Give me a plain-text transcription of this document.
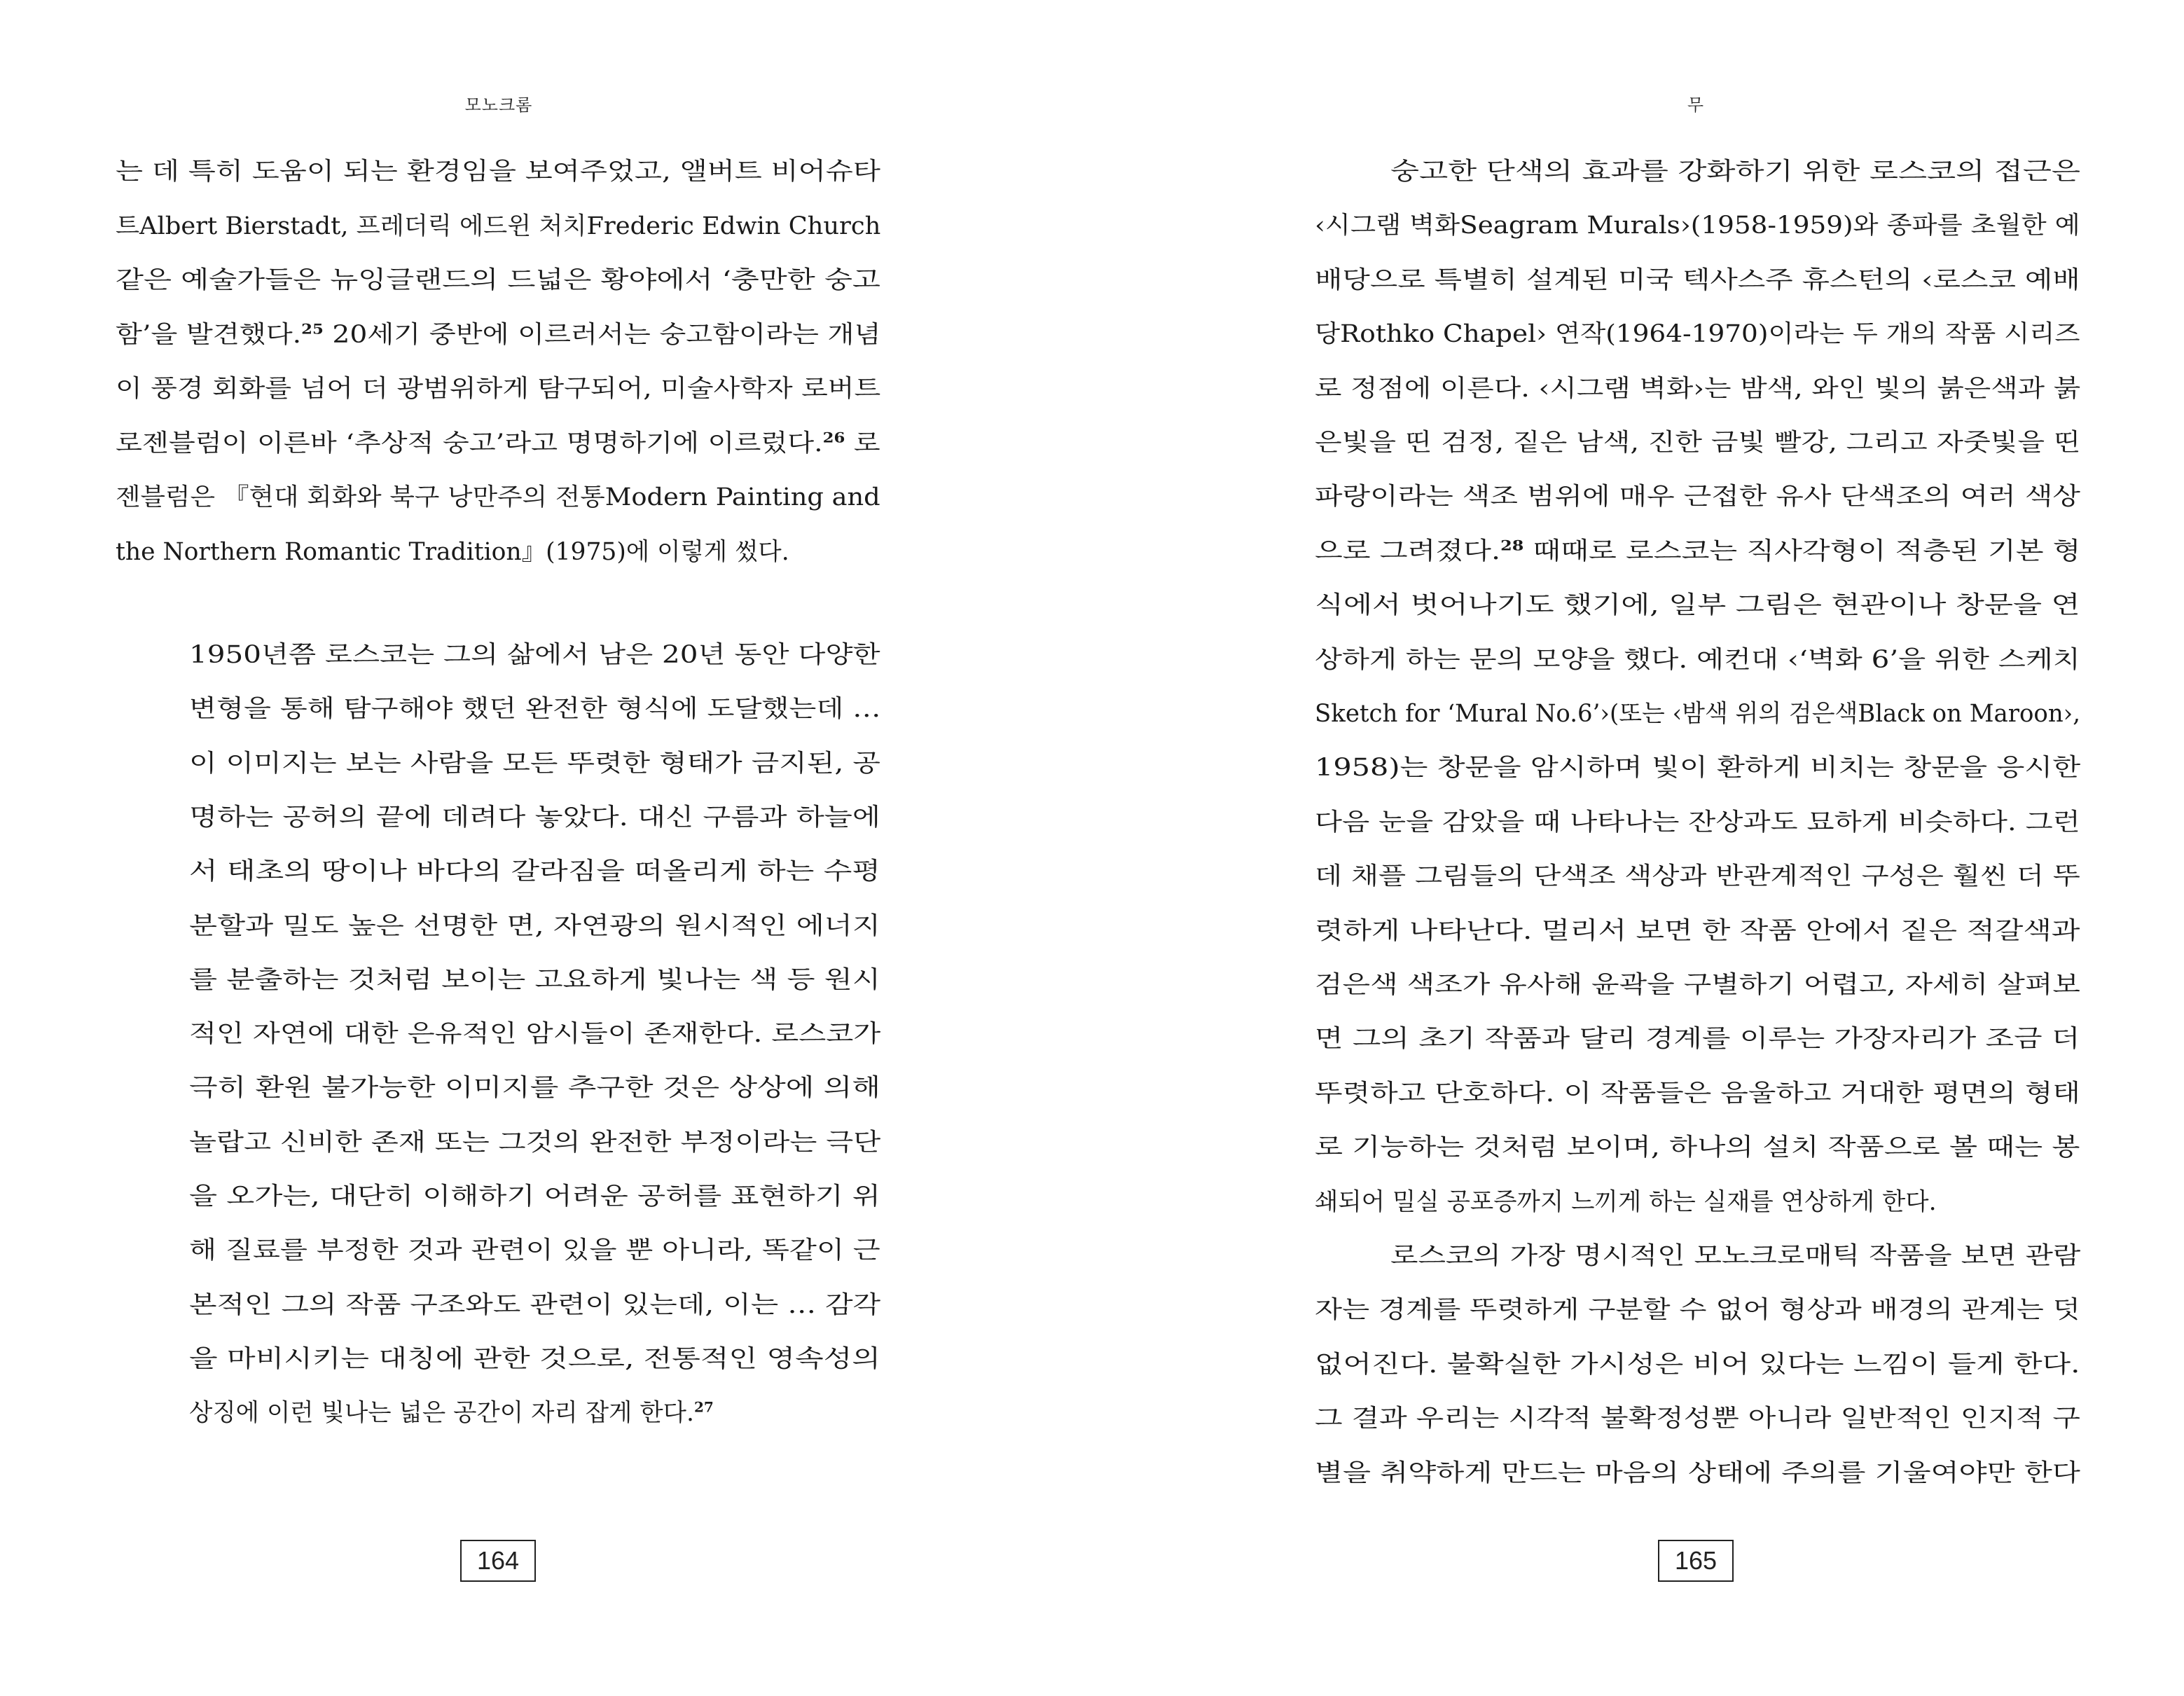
모노크롬
는 데 특히 도움이 되는 환경임을 보여주었고, 앨버트 비어슈타
트Albert Bierstadt, 프레더릭 에드윈 처치Frederic Edwin Church
같은 예술가들은 뉴잉글랜드의 드넓은 황야에서 ‘충만한 숭고
함’을 발견했다.$^{25}$ 20세기 중반에 이르러서는 숭고함이라는 개념
이 풍경 회화를 넘어 더 광범위하게 탐구되어, 미술사학자 로버트
로젠블럼이 이른바 ‘추상적 숭고’라고 명명하기에 이르렀다.$^{26}$ 로
젠블럼은 『현대 회화와 북구 낭만주의 전통Modern Painting and
the Northern Romantic Tradition』(1975)에 이렇게 썼다.
1950년쯤 로스코는 그의 삶에서 남은 20년 동안 다양한
변형을 통해 탐구해야 했던 완전한 형식에 도달했는데 …
이 이미지는 보는 사람을 모든 뚜렷한 형태가 금지된, 공
명하는 공허의 끝에 데려다 놓았다. 대신 구름과 하늘에
서 태초의 땅이나 바다의 갈라짐을 떠올리게 하는 수평
분할과 밀도 높은 선명한 면, 자연광의 원시적인 에너지
를 분출하는 것처럼 보이는 고요하게 빛나는 색 등 원시
적인 자연에 대한 은유적인 암시들이 존재한다. 로스코가
극히 환원 불가능한 이미지를 추구한 것은 상상에 의해
놀랍고 신비한 존재 또는 그것의 완전한 부정이라는 극단
을 오가는, 대단히 이해하기 어려운 공허를 표현하기 위
해 질료를 부정한 것과 관련이 있을 뿐 아니라, 똑같이 근
본적인 그의 작품 구조와도 관련이 있는데, 이는 … 감각
을 마비시키는 대칭에 관한 것으로, 전통적인 영속성의
상징에 이런 빛나는 넓은 공간이 자리 잡게 한다.$^{27}$
164
무
숭고한 단색의 효과를 강화하기 위한 로스코의 접근은
‹시그램 벽화Seagram Murals›(1958-1959)와 종파를 초월한 예
배당으로 특별히 설계된 미국 텍사스주 휴스턴의 ‹로스코 예배
당Rothko Chapel› 연작(1964-1970)이라는 두 개의 작품 시리즈
로 정점에 이른다. ‹시그램 벽화›는 밤색, 와인 빛의 붉은색과 붉
은빛을 띤 검정, 짙은 남색, 진한 금빛 빨강, 그리고 자줏빛을 띤
파랑이라는 색조 범위에 매우 근접한 유사 단색조의 여러 색상
으로 그려졌다.$^{28}$ 때때로 로스코는 직사각형이 적층된 기본 형
식에서 벗어나기도 했기에, 일부 그림은 현관이나 창문을 연
상하게 하는 문의 모양을 했다. 예컨대 ‹‘벽화 6’을 위한 스케치
Sketch for ‘Mural No.6’›(또는 ‹밤색 위의 검은색Black on Maroon›,
1958)는 창문을 암시하며 빛이 환하게 비치는 창문을 응시한
다음 눈을 감았을 때 나타나는 잔상과도 묘하게 비슷하다. 그런
데 채플 그림들의 단색조 색상과 반관계적인 구성은 훨씬 더 뚜
렷하게 나타난다. 멀리서 보면 한 작품 안에서 짙은 적갈색과
검은색 색조가 유사해 윤곽을 구별하기 어렵고, 자세히 살펴보
면 그의 초기 작품과 달리 경계를 이루는 가장자리가 조금 더
뚜렷하고 단호하다. 이 작품들은 음울하고 거대한 평면의 형태
로 기능하는 것처럼 보이며, 하나의 설치 작품으로 볼 때는 봉
쇄되어 밀실 공포증까지 느끼게 하는 실재를 연상하게 한다.
로스코의 가장 명시적인 모노크로매틱 작품을 보면 관람
자는 경계를 뚜렷하게 구분할 수 없어 형상과 배경의 관계는 덧
없어진다. 불확실한 가시성은 비어 있다는 느낌이 들게 한다.
그 결과 우리는 시각적 불확정성뿐 아니라 일반적인 인지적 구
별을 취약하게 만드는 마음의 상태에 주의를 기울여야만 한다
165
